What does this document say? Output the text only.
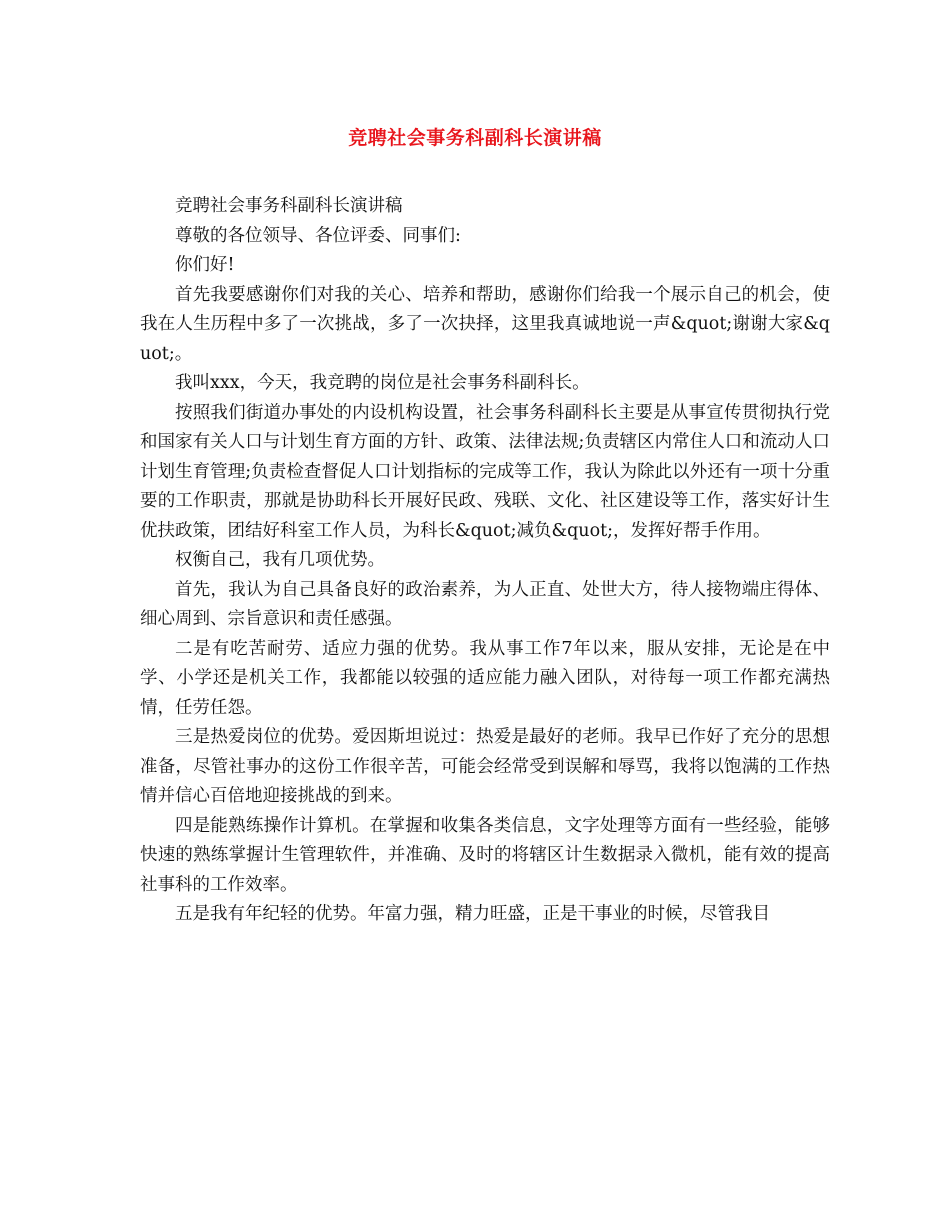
竞聘社会事务科副科长演讲稿

竞聘社会事务科副科长演讲稿

尊敬的各位领导、各位评委、同事们:

你们好!

首先我要感谢你们对我的关心、培养和帮助，感谢你们给我一个展示自己的机会，使我在人生历程中多了一次挑战，多了一次抉择，这里我真诚地说一声&quot;谢谢大家&quot;。

我叫xxx，今天，我竞聘的岗位是社会事务科副科长。

按照我们街道办事处的内设机构设置，社会事务科副科长主要是从事宣传贯彻执行党和国家有关人口与计划生育方面的方针、政策、法律法规;负责辖区内常住人口和流动人口计划生育管理;负责检查督促人口计划指标的完成等工作，我认为除此以外还有一项十分重要的工作职责，那就是协助科长开展好民政、残联、文化、社区建设等工作，落实好计生优扶政策，团结好科室工作人员，为科长&quot;减负&quot;，发挥好帮手作用。

权衡自己，我有几项优势。

首先，我认为自己具备良好的政治素养，为人正直、处世大方，待人接物端庄得体、细心周到、宗旨意识和责任感强。

二是有吃苦耐劳、适应力强的优势。我从事工作7年以来，服从安排，无论是在中学、小学还是机关工作，我都能以较强的适应能力融入团队，对待每一项工作都充满热情，任劳任怨。

三是热爱岗位的优势。爱因斯坦说过：热爱是最好的老师。我早已作好了充分的思想准备，尽管社事办的这份工作很辛苦，可能会经常受到误解和辱骂，我将以饱满的工作热情并信心百倍地迎接挑战的到来。

四是能熟练操作计算机。在掌握和收集各类信息，文字处理等方面有一些经验，能够快速的熟练掌握计生管理软件，并准确、及时的将辖区计生数据录入微机，能有效的提高社事科的工作效率。

五是我有年纪轻的优势。年富力强，精力旺盛，正是干事业的时候，尽管我目
